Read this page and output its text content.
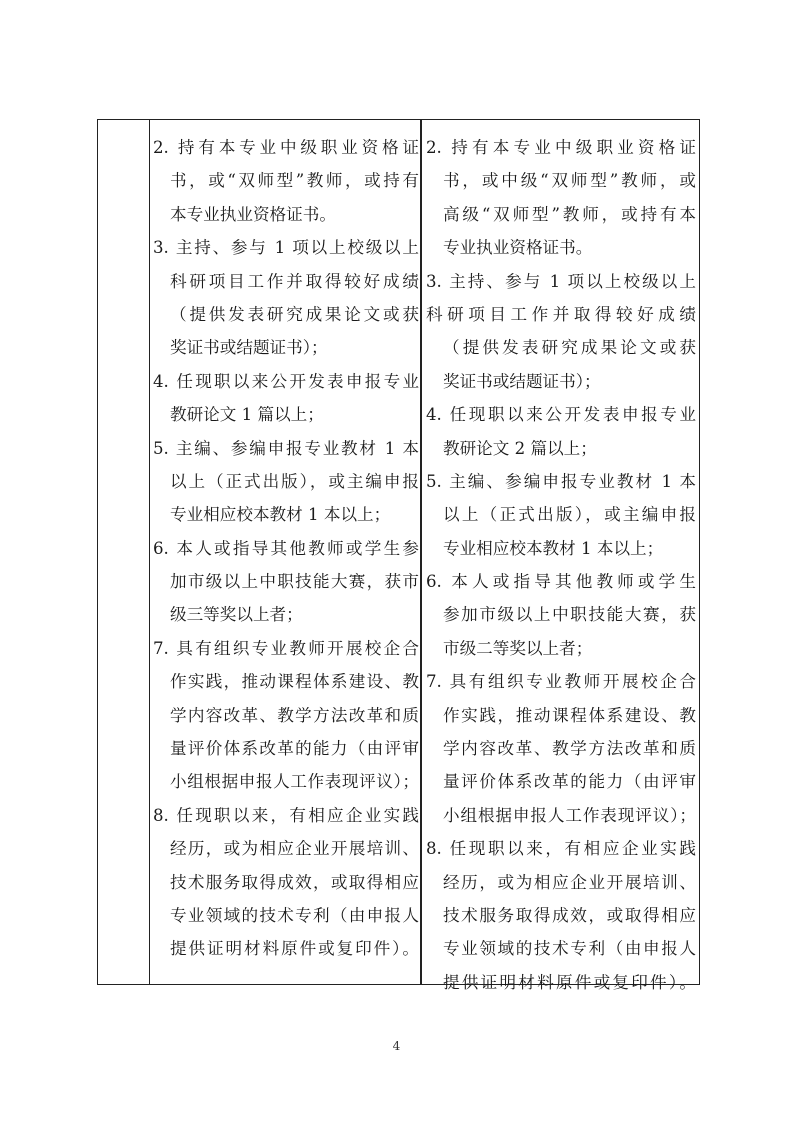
2. 持有本专业中级职业资格证
书，或“双师型”教师，或持有
本专业执业资格证书。
3. 主持、参与 1 项以上校级以上
科研项目工作并取得较好成绩
（提供发表研究成果论文或获
奖证书或结题证书）；
4. 任现职以来公开发表申报专业
教研论文 1 篇以上；
5. 主编、参编申报专业教材 1 本
以上（正式出版），或主编申报
专业相应校本教材 1 本以上；
6. 本人或指导其他教师或学生参
加市级以上中职技能大赛，获市
级三等奖以上者；
7. 具有组织专业教师开展校企合
作实践，推动课程体系建设、教
学内容改革、教学方法改革和质
量评价体系改革的能力（由评审
小组根据申报人工作表现评议）；
8. 任现职以来，有相应企业实践
经历，或为相应企业开展培训、
技术服务取得成效，或取得相应
专业领域的技术专利（由申报人
提供证明材料原件或复印件）。
2. 持有本专业中级职业资格证
书，或中级“双师型”教师，或
高级“双师型”教师，或持有本
专业执业资格证书。
3. 主持、参与 1 项以上校级以上
科研项目工作并取得较好成绩
（提供发表研究成果论文或获
奖证书或结题证书）；
4. 任现职以来公开发表申报专业
教研论文 2 篇以上；
5. 主编、参编申报专业教材 1 本
以上（正式出版），或主编申报
专业相应校本教材 1 本以上；
6. 本人或指导其他教师或学生
参加市级以上中职技能大赛，获
市级二等奖以上者；
7. 具有组织专业教师开展校企合
作实践，推动课程体系建设、教
学内容改革、教学方法改革和质
量评价体系改革的能力（由评审
小组根据申报人工作表现评议）；
8. 任现职以来，有相应企业实践
经历，或为相应企业开展培训、
技术服务取得成效，或取得相应
专业领域的技术专利（由申报人
提供证明材料原件或复印件）。
4
